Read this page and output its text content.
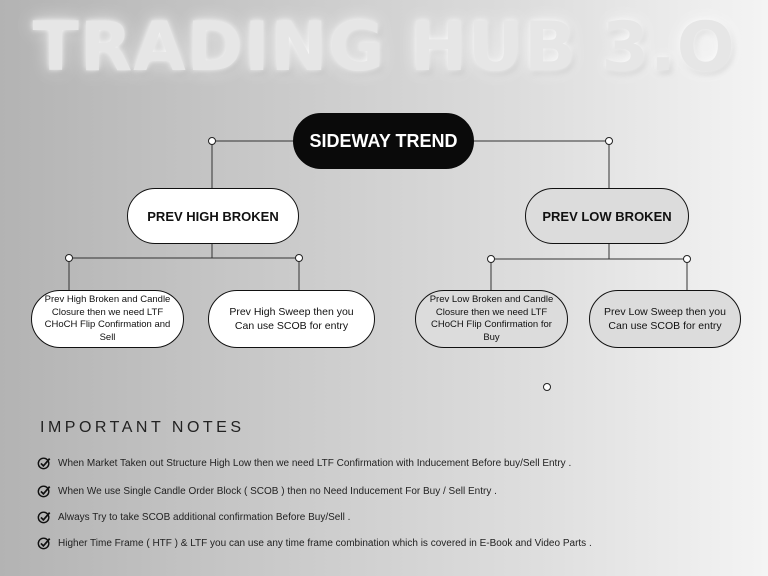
TRADING HUB 3.O
SIDEWAY TREND
PREV HIGH BROKEN	PREV LOW BROKEN
Prev High Broken and Candle Closure then we need LTF CHoCH Flip Confirmation and Sell
Prev High Sweep then you Can use SCOB for entry
Prev Low Broken and Candle Closure then we need LTF CHoCH Flip Confirmation for Buy
Prev Low Sweep then you Can use SCOB for entry
IMPORTANT NOTES
When Market Taken out Structure High Low then we need LTF Confirmation with Inducement Before buy/Sell Entry .
When We use Single Candle Order Block ( SCOB ) then no Need Inducement For Buy / Sell Entry .
Always Try to take SCOB additional confirmation Before Buy/Sell .
Higher Time Frame ( HTF ) & LTF you can use any time frame combination which is covered in E-Book and Video Parts .
